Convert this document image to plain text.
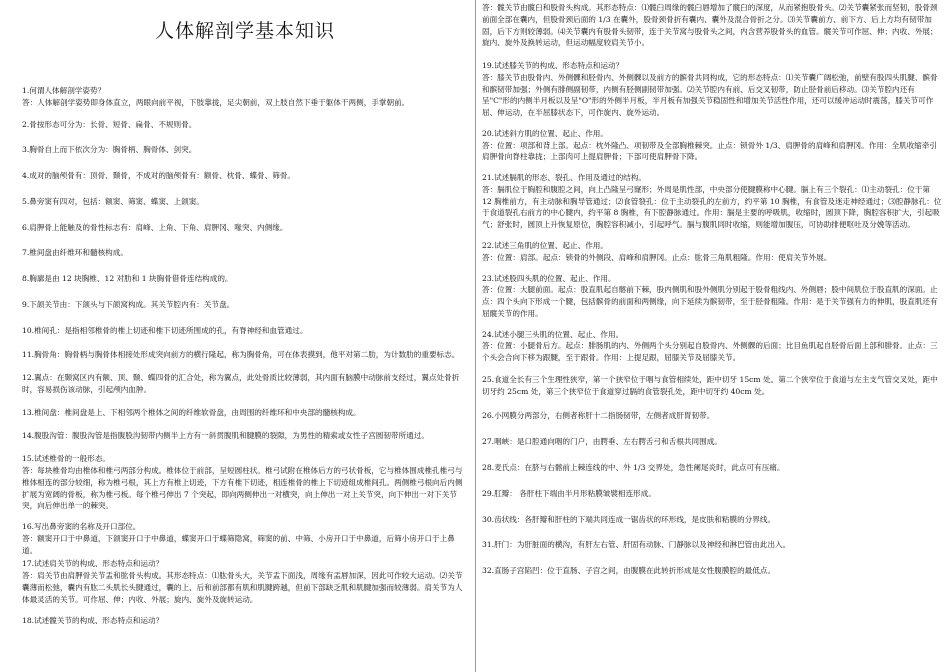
人体解剖学基本知识

1.何谓人体解剖学姿势？

答：人体解剖学姿势即身体直立，两眼向前平视，下肢靠拢，足尖朝前，双上肢自然下垂于躯体干两侧，手掌朝前。

2.骨按形态可分为：长骨、短骨、扁骨、不规则骨。

3.胸骨自上而下依次分为：胸骨柄、胸骨体、剑突。

4.成对的脑颅骨有：顶骨、颞骨，不成对的脑颅骨有：额骨、枕骨、蝶骨、筛骨。

5.鼻旁窦有四对，包括：额窦、筛窦、蝶窦、上颌窦。

6.肩胛骨上能触及的骨性标志有：肩峰、上角、下角、肩胛冈、喙突、内侧缘。

7.椎间盘由纤维环和髓核构成。

8.胸廓是由 12 块胸椎、12 对肋和 1 块胸骨借骨连结构成的。

9.下颌关节由：下颌头与下颌窝构成。其关节腔内有：关节盘。

10.椎间孔：是指相邻椎骨的椎上切迹和椎下切迹所围成的孔，有脊神经和血管通过。

11.胸骨角：胸骨柄与胸骨体相接处形成突向前方的横行隆起，称为胸骨角，可在体表摸到，他平对第二肋，为计数肋的重要标志。

12.翼点：在颞窝区内有额、顶、颞、蝶四骨的汇合处，称为翼点，此处骨质比较薄弱，其内面有脑膜中动脉前支经过，翼点处骨折时，容易损伤该动脉，引起颅内血肿。

13.椎间盘：椎间盘是上、下相邻两个椎体之间的纤维软骨盘，由周围的纤维环和中央部的髓核构成。

14.腹股沟管：腹股沟管是指腹股沟韧带内侧半上方有一斜贯腹肌和腱膜的裂隙，为男性的精索或女性子宫圆韧带所通过。

15.试述椎骨的一般形态。

答：每块椎骨均由椎体和椎弓两部分构成。椎体位于前部，呈短圆柱状。椎弓试附在椎体后方的弓状骨板，它与椎体围成椎孔椎弓与椎体相连的部分较细，称为椎弓根，其上方有椎上切迹，下方有椎下切迹，相连椎骨的椎上下切迹组成椎间孔。两侧椎弓根向后内侧扩展为宽阔的骨板，称为椎弓板。每个椎弓伸出 7 个突起，即向两侧伸出一对横突，向上伸出一对上关节突，向下伸出一对下关节突，向后伸出单一的棘突。

16.写出鼻旁窦的名称及开口部位。

答：额窦开口于中鼻道，下颌窦开口于中鼻道，蝶窦开口于蝶筛隐窝，筛窦的前、中筛、小房开口于中鼻道，后筛小房开口于上鼻道。

17.试述肩关节的构成、形态特点和运动？

答：肩关节由肩胛骨关节盂和肱骨头构成。其形态特点：⑴肱骨头大，关节盂下面浅，周缘有盂唇加深，因此可作较大运动。⑵关节囊薄而松弛，囊内有肱二头肌长头腱通过，囊的上、后和前部都有肌和肌腱跨越，但前下部缺乏肌和肌腱加强而较薄弱。肩关节为人体最灵活的关节。可作屈、伸；内收、外展；旋内、旋外及旋转运动。

18.试述髋关节的构成、形态特点和运动？

答：髋关节由髋臼和股骨头构成。其形态特点：⑴髋臼周缘的髋臼唇增加了髋臼的深度，从而紧抱股骨头。⑵关节囊紧张而坚韧，股骨颈前面全部在囊内，但股骨颈后面的 1/3 在囊外，股骨颈骨折有囊内、囊外及混合骨折之分。⑶关节囊前方、前下方、后上方均有韧带加固，后下方则较薄弱。⑷关节囊内有股骨头韧带，连于关节窝与股骨头之间，内含营养股骨头的血管。髋关节可作屈、伸；内收、外展；旋内、旋外及换转运动，但运动幅度较肩关节小。

19.试述膝关节的构成、形态特点和运动？

答：膝关节由股骨内、外侧髁和胫骨内、外侧髁以及前方的髌骨共同构成，它的形态特点：⑴关节囊广阔松弛，前壁有股四头肌腱、髌骨和髌韧带加强；外侧有腓侧副韧带，内侧有胫侧副韧带加强。⑵关节腔内有前、后交叉韧带，防止胫骨前后移动。⑶关节腔内还有呈"C"形的内侧半月板以及呈"O"形的外侧半月板，半月板有加强关节稳固性和增加关节活性作用，还可以缓冲运动时震荡，膝关节可作屈、伸运动，在半屈膝状态下，可作旋内、旋外运动。

20.试述斜方肌的位置、起止、作用。

答：位置：项部和背上部。起点：枕外隆凸、项韧带及全部胸椎棘突。止点：锁骨外 1/3、肩胛骨的肩峰和肩胛冈。作用：全肌收缩牵引肩胛骨向脊柱靠拢；上部肉可上提肩胛骨；下部可使肩胛骨下降。

21.试述膈肌的形态、裂孔、作用及通过的结构。

答：膈肌位于胸腔和腹腔之间，向上凸隆呈弓窿形；外周是肌性部，中央部分使腱膜称中心腱。膈上有三个裂孔：⑴主动裂孔：位于第 12 胸椎前方，有主动脉和胸导管通过；⑵食管裂孔：位于主动裂孔的左前方，约平第 10 胸椎，有食管及迷走神经通过；⑶腔静脉孔：位于食道裂孔右前方的中心腱内，约平第 8 胸椎，有下腔静脉通过。作用：膈是主要的呼吸肌，收缩时，圆顶下降，胸腔容积扩大，引起吸气；舒张时，圆顶上升恢复原位，胸腔容积减小，引起呼气。膈与腹肌同时收缩，则能增加腹压，可协助排便呕吐及分娩等活动。

22.试述三角肌的位置、起止、作用。

答：位置：肩部。起点：锁骨的外侧段、肩峰和肩胛冈。止点：肱骨三角肌粗隆。作用：使肩关节外展。

23.试述股四头肌的位置、起止、作用。

答：位置：大腿前面。起点：股直肌起自髂前下棘，股内侧肌和股外侧肌分别起于股骨粗线内、外侧唇；股中间肌位于股直肌的深面。止点：四个头向下形成一个腱，包括髌骨的前面和两侧缘，向下延续为髌韧带，至于胫骨粗隆。作用：是于关节强有力的伸肌，股直肌还有屈髋关节的作用。

24.试述小腿三头肌的位置、起止、作用。

答：位置：小腿骨后方。起点：腓肠肌的内、外侧两个头分别起自股骨内、外侧髁的后面；比目鱼肌起自胫骨后面上部和腓骨。止点：三个头会合向下移为跟腱，至于跟骨。作用：上提足跟，屈膝关节及屈膝关节。

25.食道全长有三个生理性狭窄，第一个狭窄位于咽与食管相续处，距中切牙 15cm 处。第二个狭窄位于食道与左主支气管交叉处，距中切牙约 25cm 处，第三个狭窄位于食道穿过膈的食管裂孔处，距中切牙约 40cm 处。

26.小网膜分两部分，右侧者称肝十二指肠韧带，左侧者成肝胃韧带。

27.咽峡：是口腔通向咽的门户，由腭垂、左右腭舌弓和舌根共同围成。

28.麦氏点：在脐与右髂前上棘连线的中、外 1/3 交界处，急性阑尾炎时，此点可有压痛。

29.肛瓣： 各肝柱下端由半月形粘膜皱襞相连形成。

30.齿状线：各肝瓣和肝柱的下端共同连成一锯齿状的环形线，是皮肤和粘膜的分界线。

31.肝门：为肝脏面的横沟，有肝左右管、肝固有动脉、门静脉以及神经和淋巴管由此出入。

32.直肠子宫陷凹：位于直肠、子宫之间，由腹膜在此转折形成是女性腹膜腔的最低点。
